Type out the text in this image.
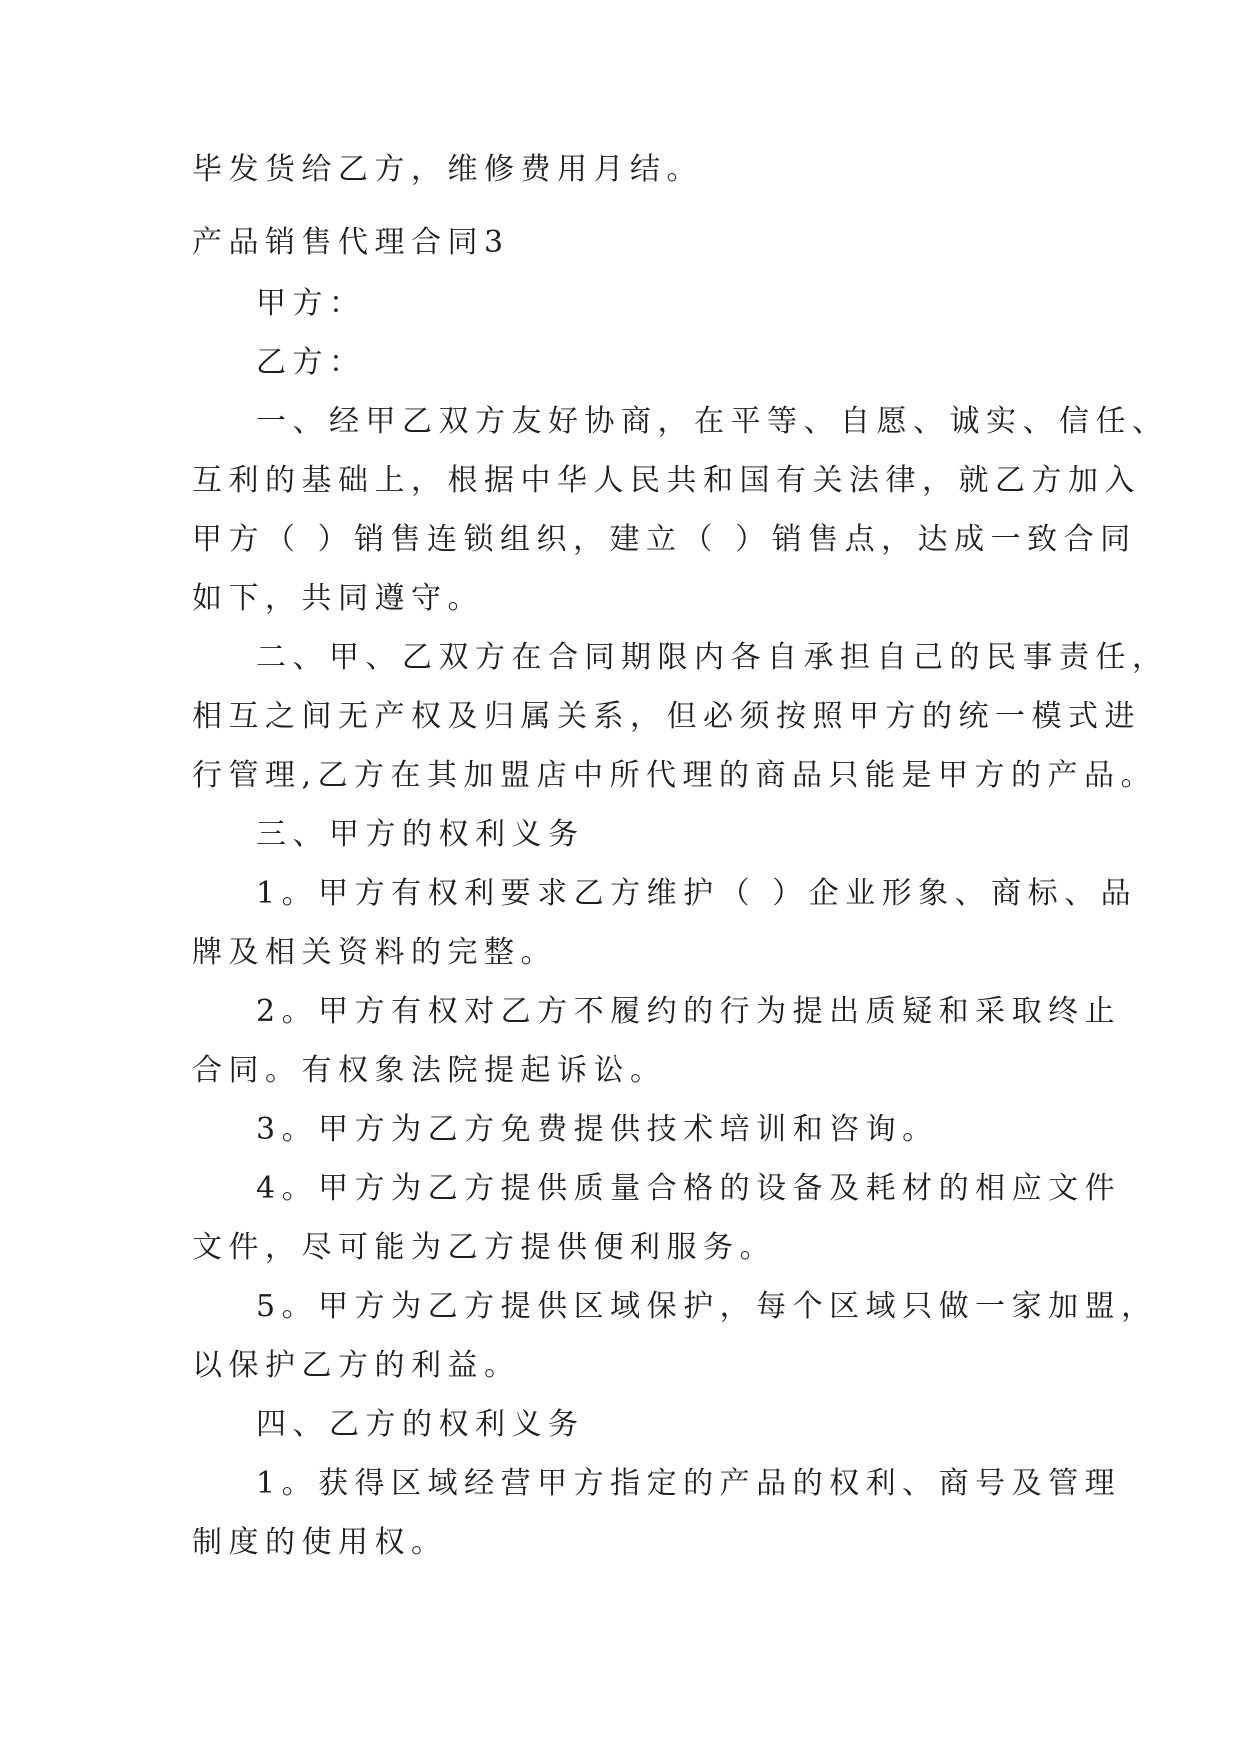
毕发货给乙方，维修费用月结。
产品销售代理合同3
甲方：
乙方：
一、经甲乙双方友好协商，在平等、自愿、诚实、信任、
互利的基础上，根据中华人民共和国有关法律，就乙方加入
甲方（ ）销售连锁组织，建立（ ）销售点，达成一致合同
如下，共同遵守。
二、甲、乙双方在合同期限内各自承担自己的民事责任，
相互之间无产权及归属关系，但必须按照甲方的统一模式进
行管理,乙方在其加盟店中所代理的商品只能是甲方的产品。
三、甲方的权利义务
1。甲方有权利要求乙方维护（ ）企业形象、商标、品
牌及相关资料的完整。
2。甲方有权对乙方不履约的行为提出质疑和采取终止
合同。有权象法院提起诉讼。
3。甲方为乙方免费提供技术培训和咨询。
4。甲方为乙方提供质量合格的设备及耗材的相应文件
文件，尽可能为乙方提供便利服务。
5。甲方为乙方提供区域保护，每个区域只做一家加盟，
以保护乙方的利益。
四、乙方的权利义务
1。获得区域经营甲方指定的产品的权利、商号及管理
制度的使用权。
